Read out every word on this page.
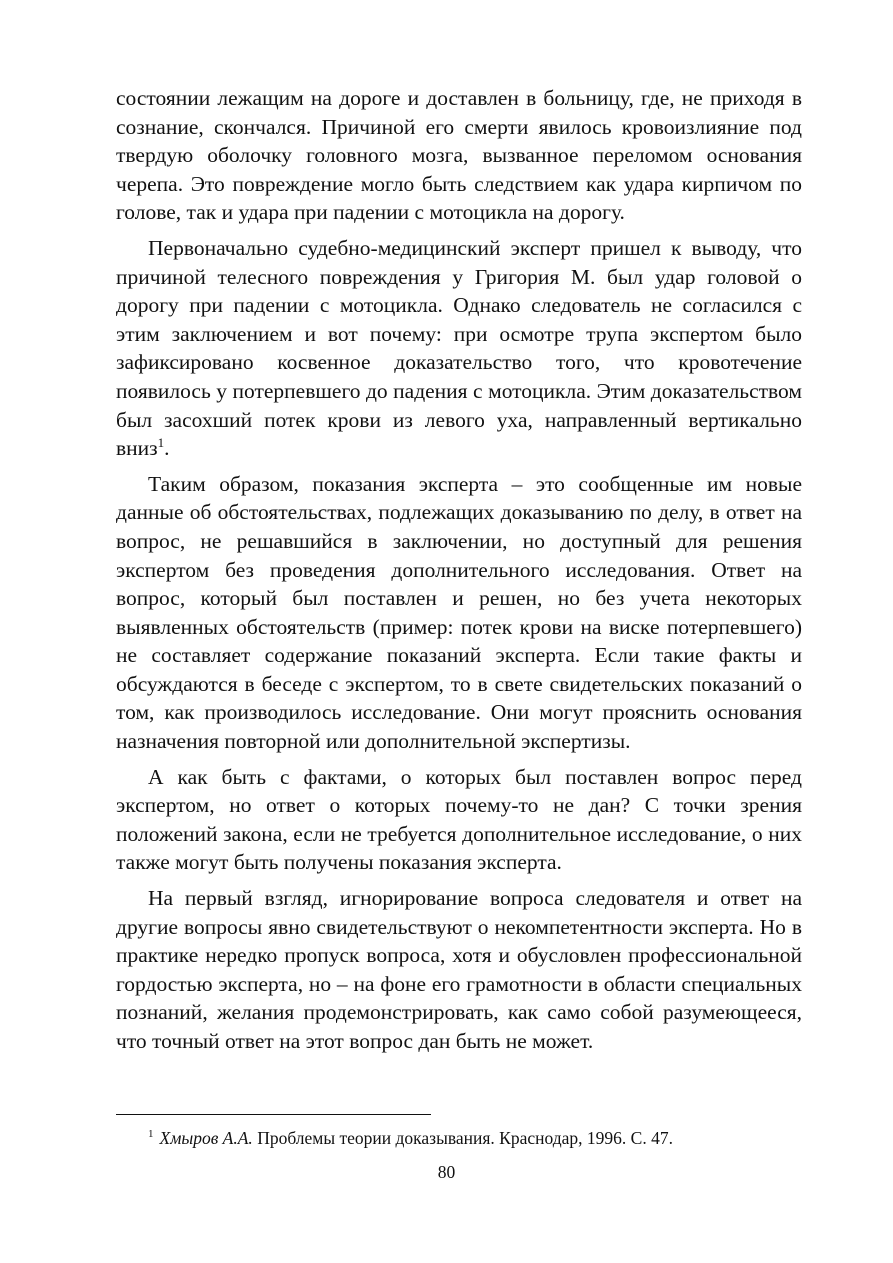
состоянии лежащим на дороге и доставлен в больницу, где, не приходя в сознание, скончался. Причиной его смерти явилось кровоизлияние под твердую оболочку головного мозга, вызванное переломом основания черепа. Это повреждение могло быть следствием как удара кирпичом по голове, так и удара при падении с мотоцикла на дорогу.

Первоначально судебно-медицинский эксперт пришел к выводу, что причиной телесного повреждения у Григория М. был удар головой о дорогу при падении с мотоцикла. Однако следователь не согласился с этим заключением и вот почему: при осмотре трупа экспертом было зафиксировано косвенное доказательство того, что кровотечение появилось у потерпевшего до падения с мотоцикла. Этим доказательством был засохший потек крови из левого уха, направленный вертикально вниз$^1$.

Таким образом, показания эксперта – это сообщенные им новые данные об обстоятельствах, подлежащих доказыванию по делу, в ответ на вопрос, не решавшийся в заключении, но доступный для решения экспертом без проведения дополнительного исследования. Ответ на вопрос, который был поставлен и решен, но без учета некоторых выявленных обстоятельств (пример: потек крови на виске потерпевшего) не составляет содержание показаний эксперта. Если такие факты и обсуждаются в беседе с экспертом, то в свете свидетельских показаний о том, как производилось исследование. Они могут прояснить основания назначения повторной или дополнительной экспертизы.

А как быть с фактами, о которых был поставлен вопрос перед экспертом, но ответ о которых почему-то не дан? С точки зрения положений закона, если не требуется дополнительное исследование, о них также могут быть получены показания эксперта.

На первый взгляд, игнорирование вопроса следователя и ответ на другие вопросы явно свидетельствуют о некомпетентности эксперта. Но в практике нередко пропуск вопроса, хотя и обусловлен профессиональной гордостью эксперта, но – на фоне его грамотности в области специальных познаний, желания продемонстрировать, как само собой разумеющееся, что точный ответ на этот вопрос дан быть не может.

$^1$ Хмыров А.А. Проблемы теории доказывания. Краснодар, 1996. С. 47.
80
